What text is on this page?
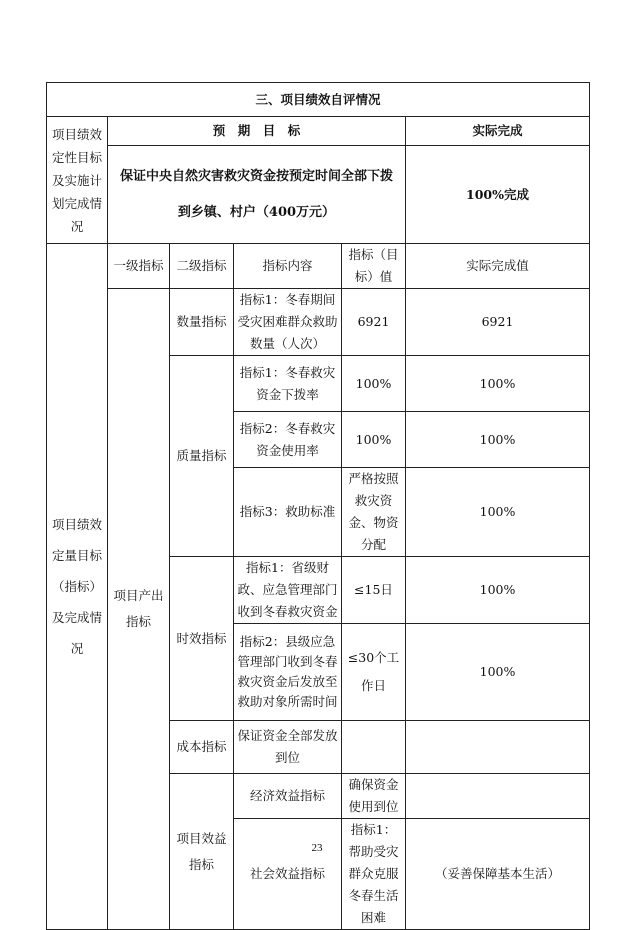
三、项目绩效自评情况						
项目绩效定性目标及实施计划完成情况	预　期　目　标				实际完成	
	保证中央自然灾害救灾资金按预定时间全部下拨到乡镇、村户（400万元）				100%完成	
项目绩效定量目标（指标）及完成情况	一级指标	二级指标	指标内容	指标（目标）值	实际完成值	
	项目产出指标	数量指标	指标1：冬春期间受灾困难群众救助数量（人次）	6921	6921	
		质量指标	指标1：冬春救灾资金下拨率	100%	100%	
			指标2：冬春救灾资金使用率	100%	100%	
			指标3：救助标准	严格按照救灾资金、物资分配	100%	
		时效指标	指标1：省级财政、应急管理部门收到冬春救灾资金	≤15日	100%	
			指标2：县级应急管理部门收到冬春救灾资金后发放至救助对象所需时间	≤30个工作日	100%	
		成本指标	保证资金全部发放到位			
		项目效益指标	经济效益指标	确保资金使用到位		
			社会效益指标	指标1：帮助受灾群众克服冬春生活困难	（妥善保障基本生活）	
23
